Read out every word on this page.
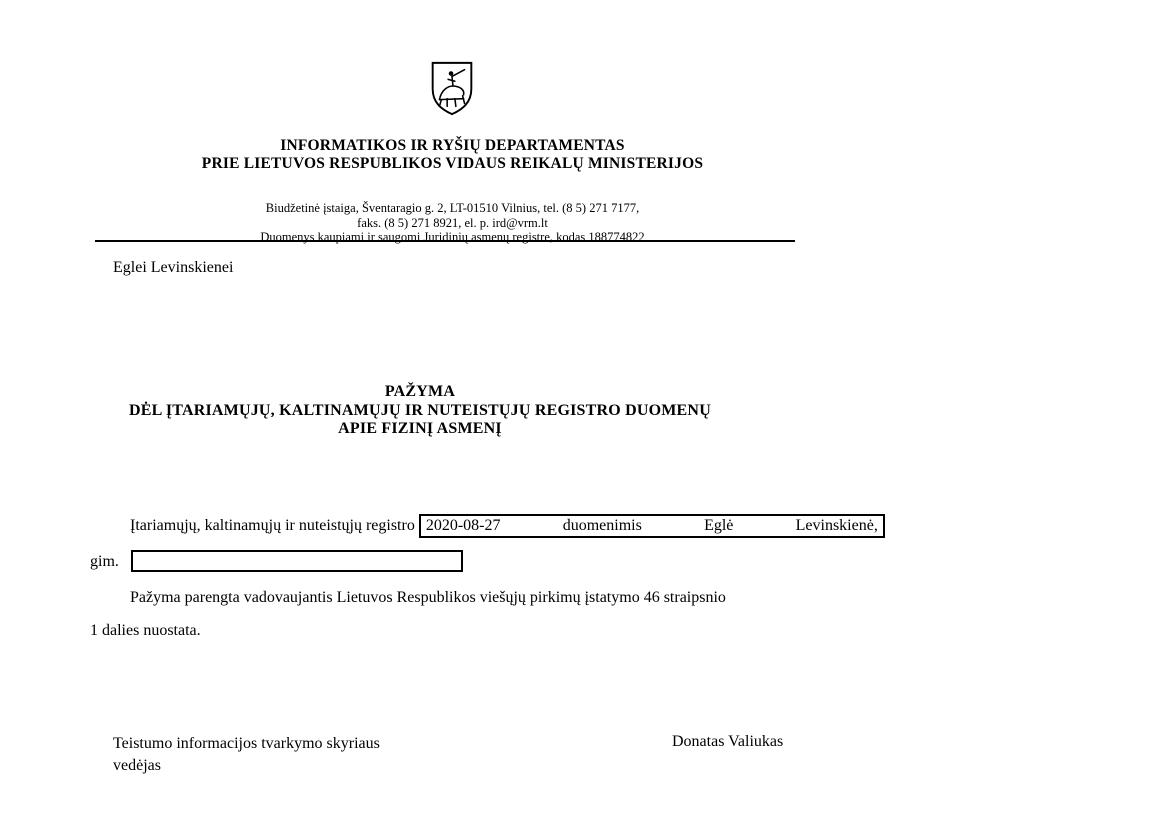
INFORMATIKOS IR RYŠIŲ DEPARTAMENTAS
PRIE LIETUVOS RESPUBLIKOS VIDAUS REIKALŲ MINISTERIJOS
Biudžetinė įstaiga, Šventaragio g. 2, LT-01510 Vilnius, tel. (8 5) 271 7177,
faks. (8 5) 271 8921, el. p. ird@vrm.lt
Duomenys kaupiami ir saugomi Juridinių asmenų registre, kodas 188774822
Eglei Levinskienei
PAŽYMA
DĖL ĮTARIAMŲJŲ, KALTINAMŲJŲ IR NUTEISTŲJŲ REGISTRO DUOMENŲ
APIE FIZINĮ ASMENĮ
Įtariamųjų, kaltinamųjų ir nuteistųjų registro 2020-08-27 duomenimis Eglė Levinskienė,
gim.
Pažyma parengta vadovaujantis Lietuvos Respublikos viešųjų pirkimų įstatymo 46 straipsnio
1 dalies nuostata.
Teistumo informacijos tvarkymo skyriaus
vedėjas
Donatas Valiukas
